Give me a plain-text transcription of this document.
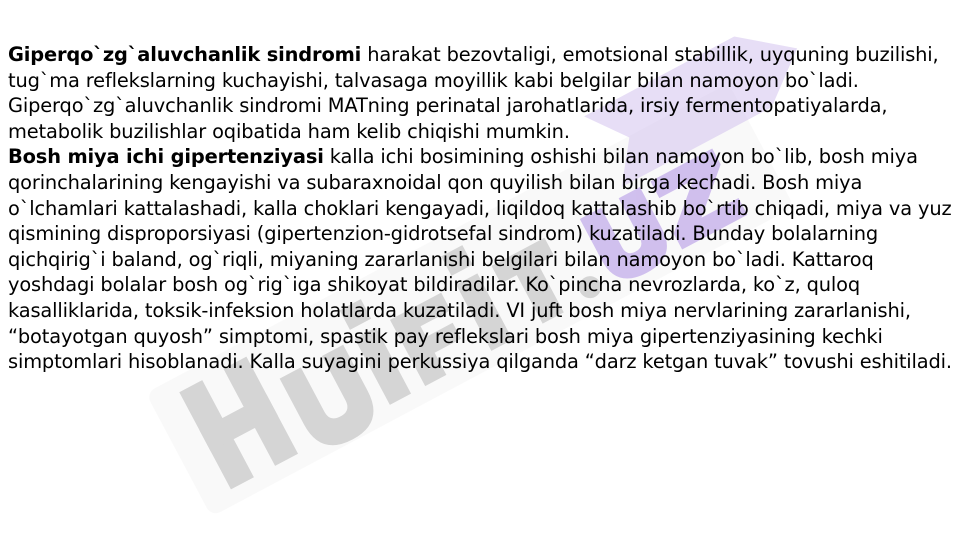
Giperqo`zg`aluvchanlik sindromi harakat bezovtaligi, emotsional stabillik, uyquning buzilishi, tug`ma reflekslarning kuchayishi, talvasaga moyillik kabi belgilar bilan namoyon bo`ladi. Giperqo`zg`aluvchanlik sindromi MATning perinatal jarohatlarida, irsiy fermentopatiyalarda, metabolik buzilishlar oqibatida ham kelib chiqishi mumkin.

Bosh miya ichi gipertenziyasi kalla ichi bosimining oshishi bilan namoyon bo`lib, bosh miya qorinchalarining kengayishi va subaraxnoidal qon quyilish bilan birga kechadi. Bosh miya o`lchamlari kattalashadi, kalla choklari kengayadi, liqildoq kattalashib bo`rtib chiqadi, miya va yuz qismining disproporsiyasi (gipertenzion-gidrotsefal sindrom) kuzatiladi. Bunday bolalarning qichqirig`i baland, og`riqli, miyaning zararlanishi belgilari bilan namoyon bo`ladi. Kattaroq yoshdagi bolalar bosh og`rig`iga shikoyat bildiradilar. Ko`pincha nevrozlarda, ko`z, quloq kasalliklarida, toksik-infeksion holatlarda kuzatiladi. VI juft bosh miya nervlarining zararlanishi, “botayotgan quyosh” simptomi, spastik pay reflekslari bosh miya gipertenziyasining kechki simptomlari hisoblanadi. Kalla suyagini perkussiya qilganda “darz ketgan tuvak” tovushi eshitiladi.
